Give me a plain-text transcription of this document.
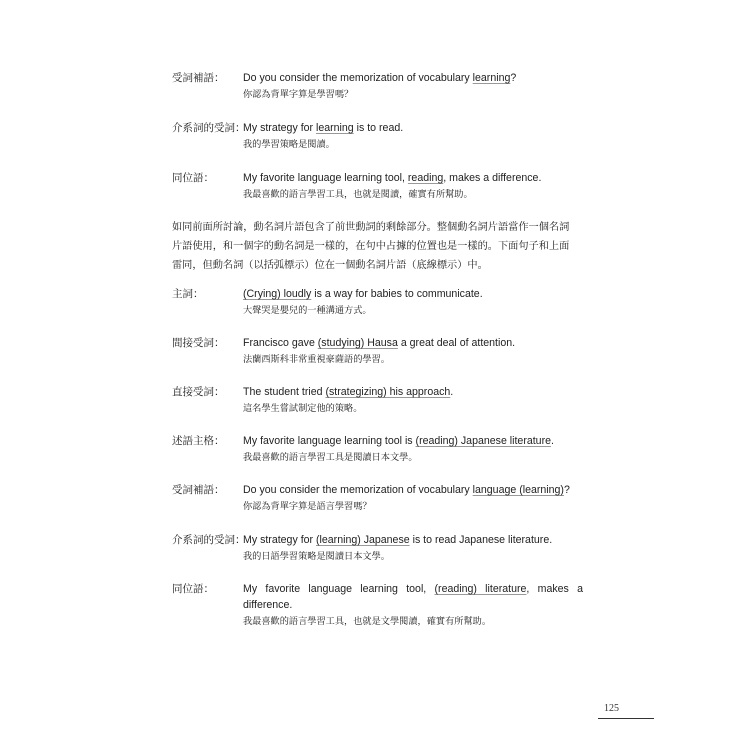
受詞補語： Do you consider the memorization of vocabulary learning?
你認為背單字算是學習嗎？
介系詞的受詞：
My strategy for learning is to read.
我的學習策略是閱讀。
同位語：	My favorite language learning tool, reading, makes a difference.
我最喜歡的語言學習工具，也就是閱讀，確實有所幫助。
如同前面所討論，動名詞片語包含了前世動詞的剩餘部分。整個動名詞片語當作一個名詞
片語使用，和一個字的動名詞是一樣的，在句中占據的位置也是一樣的。下面句子和上面
雷同，但動名詞（以括弧標示）位在一個動名詞片語（底線標示）中。
主詞：	(Crying) loudly is a way for babies to communicate.
大聲哭是嬰兒的一種溝通方式。
間接受詞： Francisco gave (studying) Hausa a great deal of attention.
法蘭西斯科非常重視豪薩語的學習。
直接受詞： The student tried (strategizing) his approach.
這名學生嘗試制定他的策略。
述語主格： My favorite language learning tool is (reading) Japanese literature.
我最喜歡的語言學習工具是閱讀日本文學。
受詞補語： Do you consider the memorization of vocabulary language (learning)?
你認為背單字算是語言學習嗎？
介系詞的受詞：
My strategy for (learning) Japanese is to read Japanese literature.
我的日語學習策略是閱讀日本文學。
同位語：	My favorite language learning tool, (reading) literature, makes a difference.
我最喜歡的語言學習工具，也就是文學閱讀，確實有所幫助。
125
